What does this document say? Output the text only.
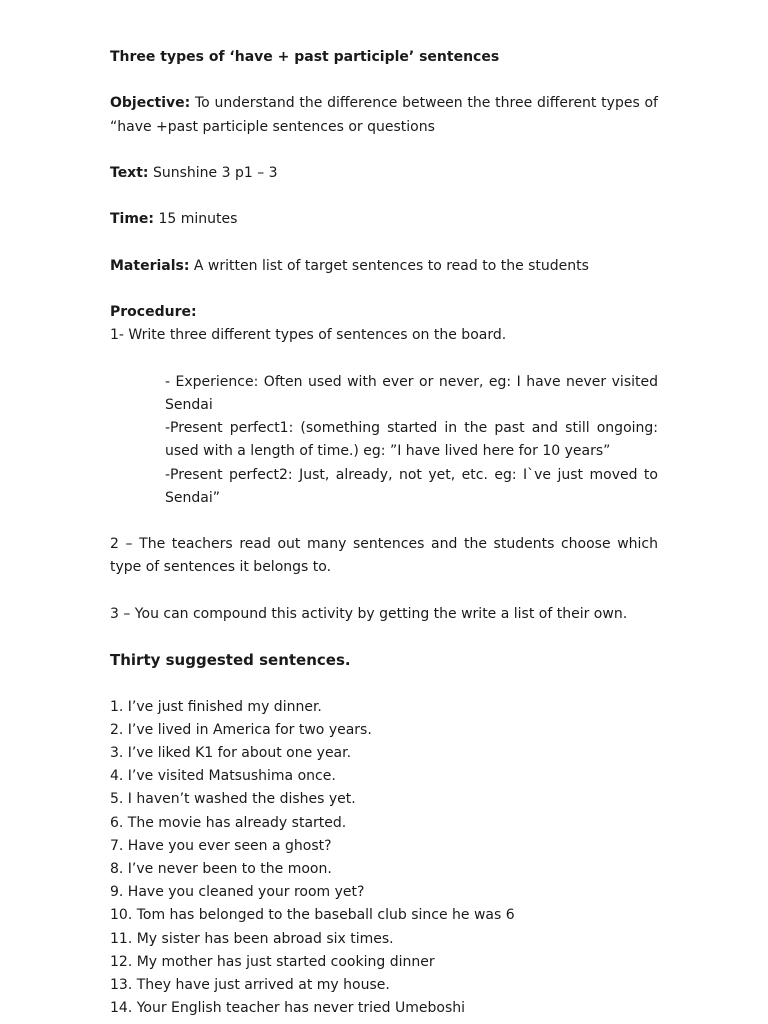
Three types of ‘have + past participle’ sentences

Objective: To understand the difference between the three different types of “have +past participle sentences or questions

Text: Sunshine 3 p1 – 3

Time: 15 minutes

Materials: A written list of target sentences to read to the students

Procedure:

1- Write three different types of sentences on the board.

- Experience: Often used with ever or never, eg: I have never visited Sendai

-Present perfect1: (something started in the past and still ongoing: used with a length of time.) eg: ”I have lived here for 10 years”

-Present perfect2: Just, already, not yet, etc. eg: I`ve just moved to Sendai”

2 – The teachers read out many sentences and the students choose which type of sentences it belongs to.

3 – You can compound this activity by getting the write a list of their own.

Thirty suggested sentences.

1. I’ve just finished my dinner.
2. I’ve lived in America for two years.
3. I’ve liked K1 for about one year.
4. I’ve visited Matsushima once.
5. I haven’t washed the dishes yet.
6. The movie has already started.
7. Have you ever seen a ghost?
8. I’ve never been to the moon.
9. Have you cleaned your room yet?
10. Tom has belonged to the baseball club since he was 6
11. My sister has been abroad six times.
12. My mother has just started cooking dinner
13. They have just arrived at my house.
14. Your English teacher has never tried Umeboshi
